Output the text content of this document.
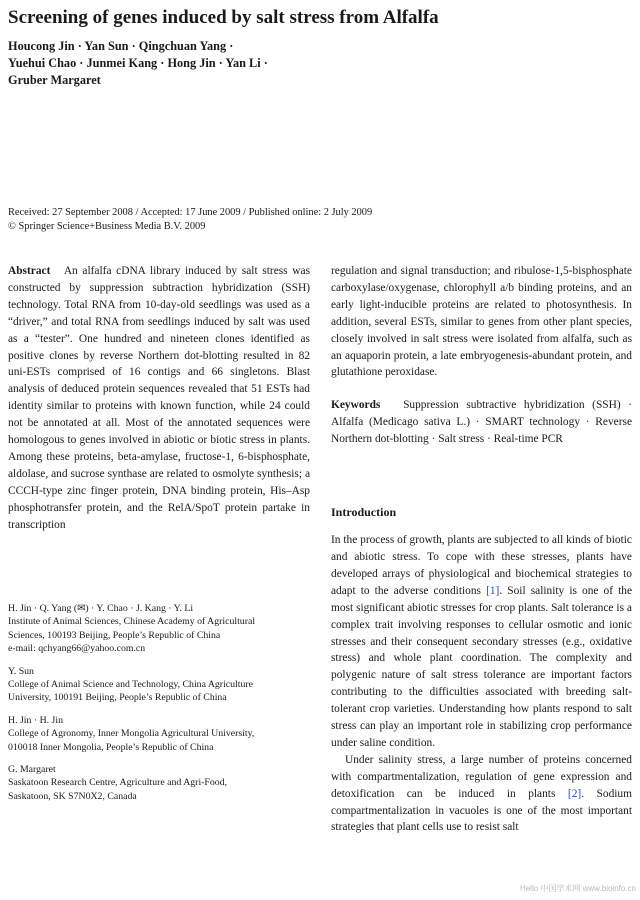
Screening of genes induced by salt stress from Alfalfa
Houcong Jin · Yan Sun · Qingchuan Yang ·
Yuehui Chao · Junmei Kang · Hong Jin · Yan Li ·
Gruber Margaret
Received: 27 September 2008 / Accepted: 17 June 2009 / Published online: 2 July 2009
© Springer Science+Business Media B.V. 2009

Abstract An alfalfa cDNA library induced by salt stress was constructed by suppression subtraction hybridization (SSH) technology. Total RNA from 10-day-old seedlings was used as a “driver,” and total RNA from seedlings induced by salt was used as a “tester”. One hundred and nineteen clones identified as positive clones by reverse Northern dot-blotting resulted in 82 uni-ESTs comprised of 16 contigs and 66 singletons. Blast analysis of deduced protein sequences revealed that 51 ESTs had identity similar to proteins with known function, while 24 could not be annotated at all. Most of the annotated sequences were homologous to genes involved in abiotic or biotic stress in plants. Among these proteins, beta-amylase, fructose-1, 6-bisphosphate, aldolase, and sucrose synthase are related to osmolyte synthesis; a CCCH-type zinc finger protein, DNA binding protein, His–Asp phosphotransfer protein, and the RelA/SpoT protein partake in transcription

H. Jin · Q. Yang (✉) · Y. Chao · J. Kang · Y. Li
Institute of Animal Sciences, Chinese Academy of Agricultural
Sciences, 100193 Beijing, People’s Republic of China
e-mail: qchyang66@yahoo.com.cn
Y. Sun
College of Animal Science and Technology, China Agriculture
University, 100191 Beijing, People’s Republic of China
H. Jin · H. Jin
College of Agronomy, Inner Mongolia Agricultural University,
010018 Inner Mongolia, People’s Republic of China
G. Margaret
Saskatoon Research Centre, Agriculture and Agri-Food,
Saskatoon, SK S7N0X2, Canada

regulation and signal transduction; and ribulose-1,5-bisphosphate carboxylase/oxygenase, chlorophyll a/b binding proteins, and an early light-inducible proteins are related to photosynthesis. In addition, several ESTs, similar to genes from other plant species, closely involved in salt stress were isolated from alfalfa, such as an aquaporin protein, a late embryogenesis-abundant protein, and glutathione peroxidase.

Keywords Suppression subtractive hybridization (SSH) · Alfalfa (Medicago sativa L.) · SMART technology · Reverse Northern dot-blotting · Salt stress · Real-time PCR

Introduction

In the process of growth, plants are subjected to all kinds of biotic and abiotic stress. To cope with these stresses, plants have developed arrays of physiological and biochemical strategies to adapt to the adverse conditions [1]. Soil salinity is one of the most significant abiotic stresses for crop plants. Salt tolerance is a complex trait involving responses to cellular osmotic and ionic stresses and their consequent secondary stresses (e.g., oxidative stress) and whole plant coordination. The complexity and polygenic nature of salt stress tolerance are important factors contributing to the difficulties associated with breeding salt-tolerant crop varieties. Understanding how plants respond to salt stress can play an important role in stabilizing crop performance under saline condition.

Under salinity stress, a large number of proteins concerned with compartmentalization, regulation of gene expression and detoxification can be induced in plants [2]. Sodium compartmentalization in vacuoles is one of the most important strategies that plant cells use to resist salt

Hello 中国学术网 www.bioinfo.cn
